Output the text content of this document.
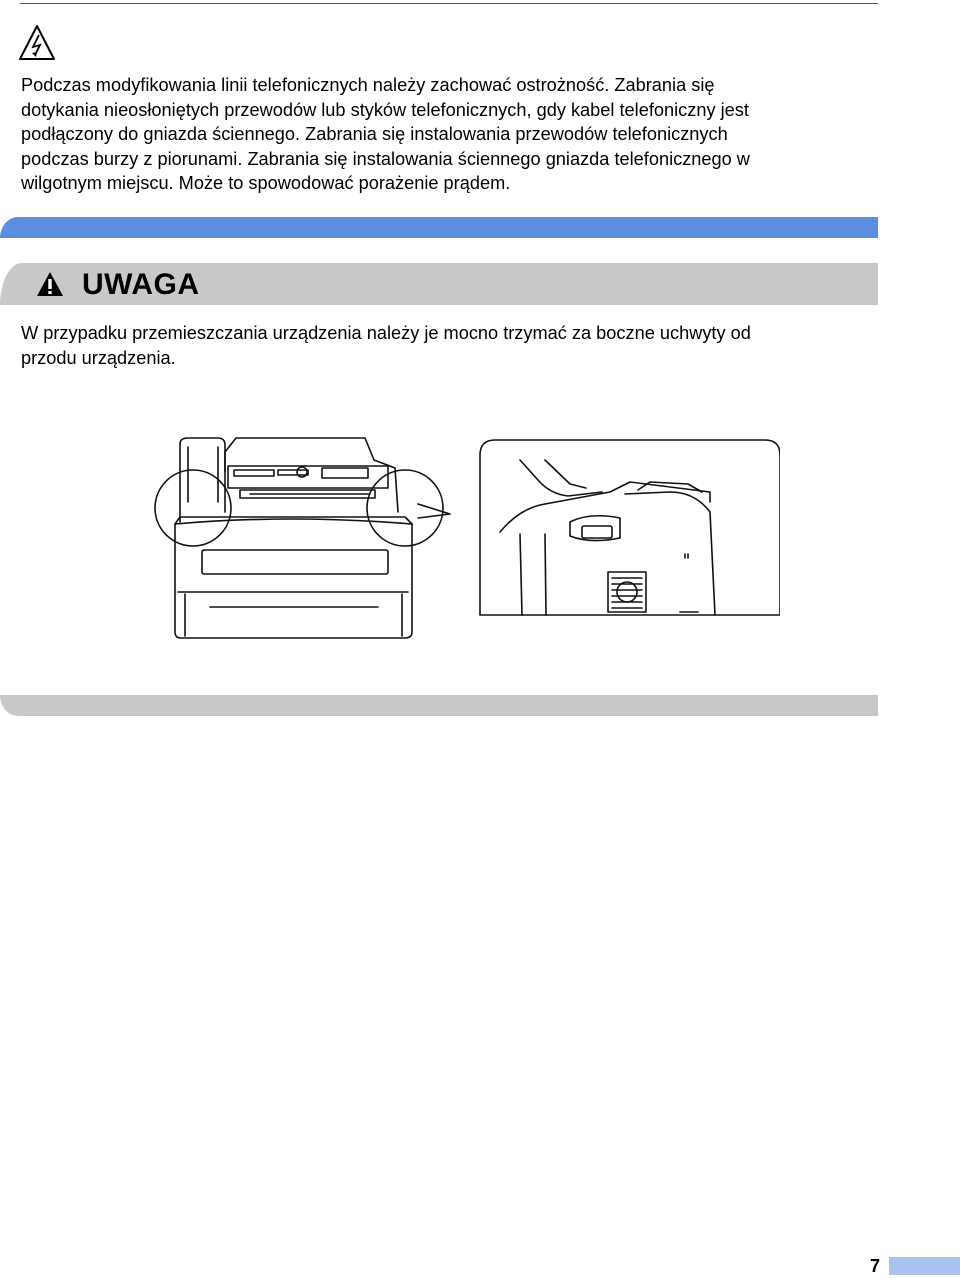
Podczas modyfikowania linii telefonicznych należy zachować ostrożność. Zabrania się
dotykania nieosłoniętych przewodów lub styków telefonicznych, gdy kabel telefoniczny jest
podłączony do gniazda ściennego. Zabrania się instalowania przewodów telefonicznych
podczas burzy z piorunami. Zabrania się instalowania ściennego gniazda telefonicznego w
wilgotnym miejscu. Może to spowodować porażenie prądem.
UWAGA
W przypadku przemieszczania urządzenia należy je mocno trzymać za boczne uchwyty od
przodu urządzenia.
7
